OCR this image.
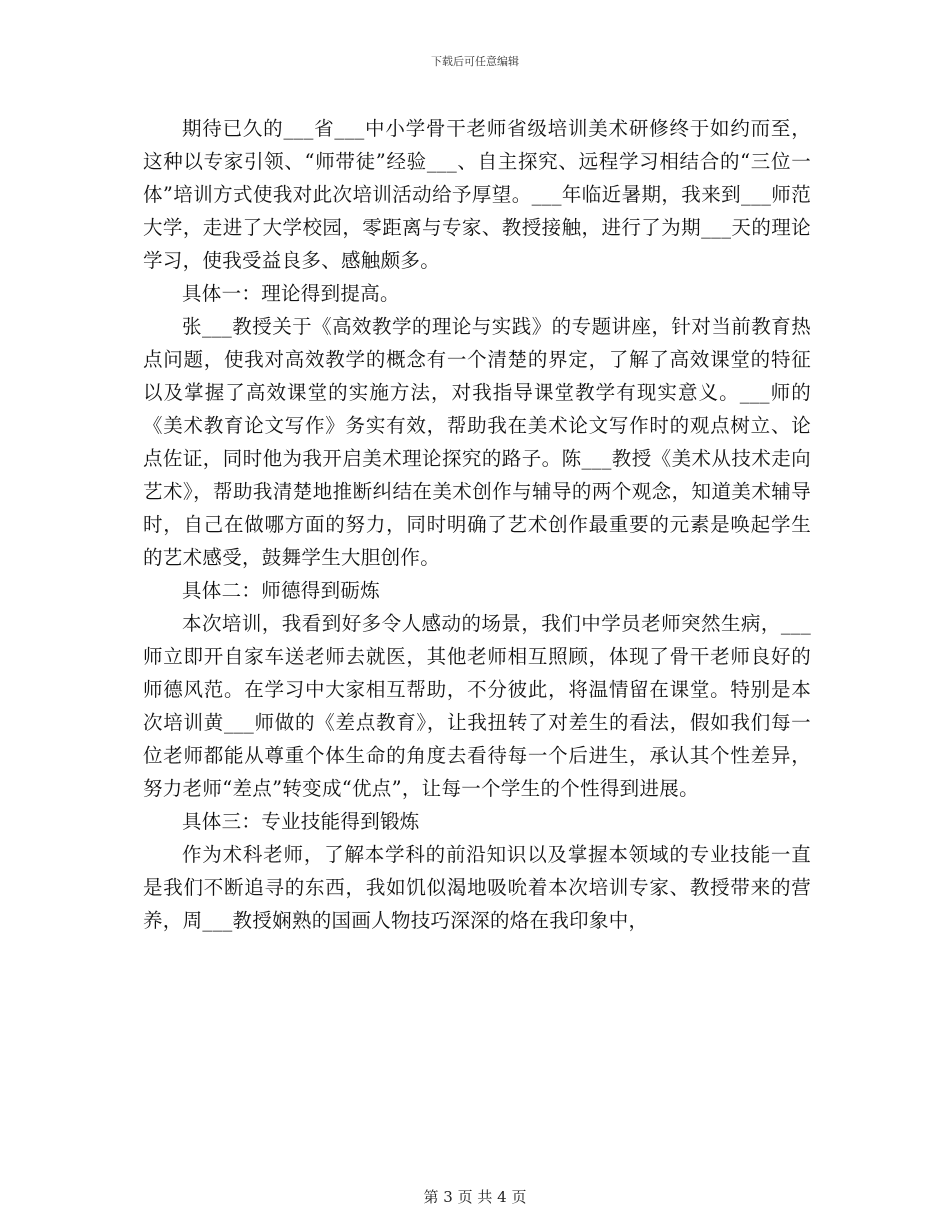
下载后可任意编辑

期待已久的___省___中小学骨干老师省级培训美术研修终于如约而至，这种以专家引领、“师带徒”经验___、自主探究、远程学习相结合的“三位一体”培训方式使我对此次培训活动给予厚望。___年临近暑期，我来到___师范大学，走进了大学校园，零距离与专家、教授接触，进行了为期___天的理论学习，使我受益良多、感触颇多。

具体一：理论得到提高。

张___教授关于《高效教学的理论与实践》的专题讲座，针对当前教育热点问题，使我对高效教学的概念有一个清楚的界定，了解了高效课堂的特征以及掌握了高效课堂的实施方法，对我指导课堂教学有现实意义。___师的《美术教育论文写作》务实有效，帮助我在美术论文写作时的观点树立、论点佐证，同时他为我开启美术理论探究的路子。陈___教授《美术从技术走向艺术》，帮助我清楚地推断纠结在美术创作与辅导的两个观念，知道美术辅导时，自己在做哪方面的努力，同时明确了艺术创作最重要的元素是唤起学生的艺术感受，鼓舞学生大胆创作。

具体二：师德得到砺炼

本次培训，我看到好多令人感动的场景，我们中学员老师突然生病，___师立即开自家车送老师去就医，其他老师相互照顾，体现了骨干老师良好的师德风范。在学习中大家相互帮助，不分彼此，将温情留在课堂。特别是本次培训黄___师做的《差点教育》，让我扭转了对差生的看法，假如我们每一位老师都能从尊重个体生命的角度去看待每一个后进生，承认其个性差异，努力老师“差点”转变成“优点”，让每一个学生的个性得到进展。

具体三：专业技能得到锻炼

作为术科老师，了解本学科的前沿知识以及掌握本领域的专业技能一直是我们不断追寻的东西，我如饥似渴地吸吮着本次培训专家、教授带来的营养，周___教授娴熟的国画人物技巧深深的烙在我印象中，

第 3 页 共 4 页
